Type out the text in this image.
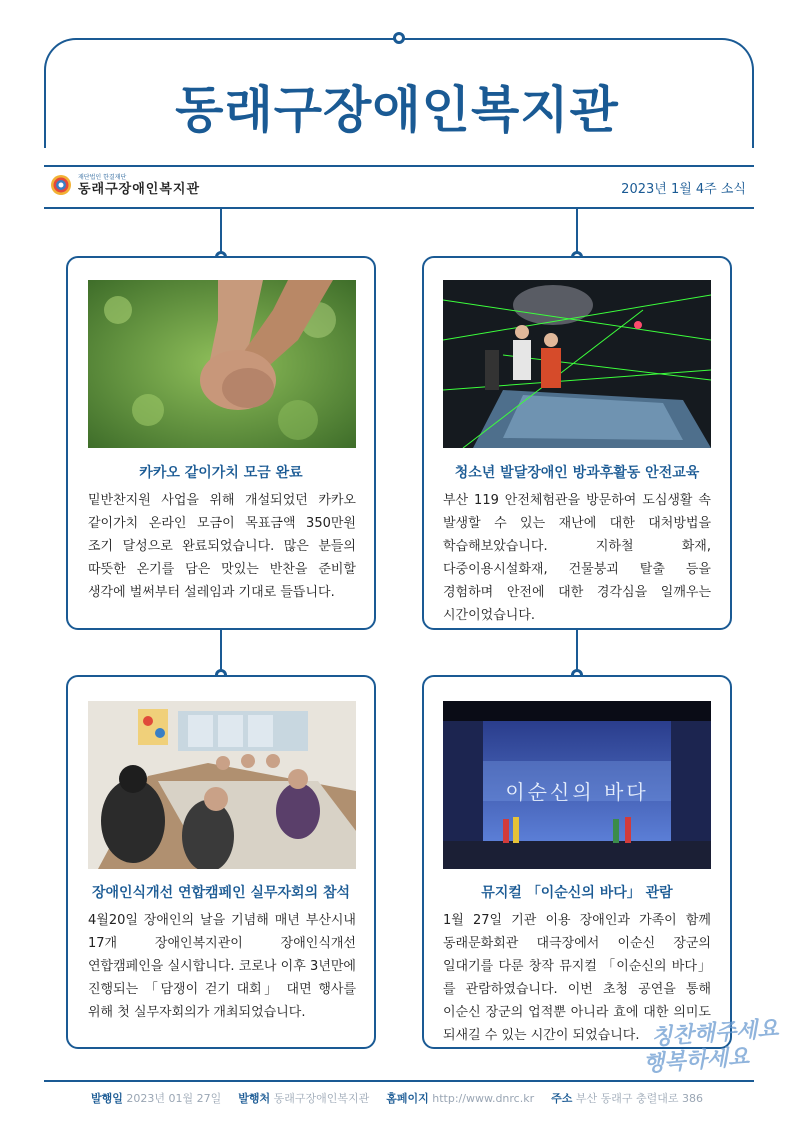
동래구장애인복지관
재단법인 한결재단
동래구장애인복지관	2023년 1월 4주 소식
카카오 같이가치 모금 완료
밑반찬지원 사업을 위해 개설되었던 카카오 같이가치 온라인 모금이 목표금액 350만원 조기 달성으로 완료되었습니다. 많은 분들의 따뜻한 온기를 담은 맛있는 반찬을 준비할 생각에 벌써부터 설레임과 기대로 들뜹니다.
청소년 발달장애인 방과후활동 안전교육
부산 119 안전체험관을 방문하여 도심생활 속 발생할 수 있는 재난에 대한 대처방법을 학습해보았습니다. 지하철 화재, 다중이용시설화재, 건물붕괴 탈출 등을 경험하며 안전에 대한 경각심을 일깨우는 시간이었습니다.
장애인식개선 연합캠페인 실무자회의 참석
4월20일 장애인의 날을 기념해 매년 부산시내 17개 장애인복지관이 장애인식개선 연합캠페인을 실시합니다. 코로나 이후 3년만에 진행되는 「담쟁이 걷기 대회」 대면 행사를 위해 첫 실무자회의가 개최되었습니다.
이순신의 바다
뮤지컬 「이순신의 바다」 관람
1월 27일 기관 이용 장애인과 가족이 함께 동래문화회관 대극장에서 이순신 장군의 일대기를 다룬 창작 뮤지컬 「이순신의 바다」를 관람하였습니다. 이번 초청 공연을 통해 이순신 장군의 업적뿐 아니라 효에 대한 의미도 되새길 수 있는 시간이 되었습니다. 칭찬해주세요
행복하세요
발행일 2023년 01월 27일 발행처 동래구장애인복지관 홈페이지 http://www.dnrc.kr 주소 부산 동래구 충렬대로 386
